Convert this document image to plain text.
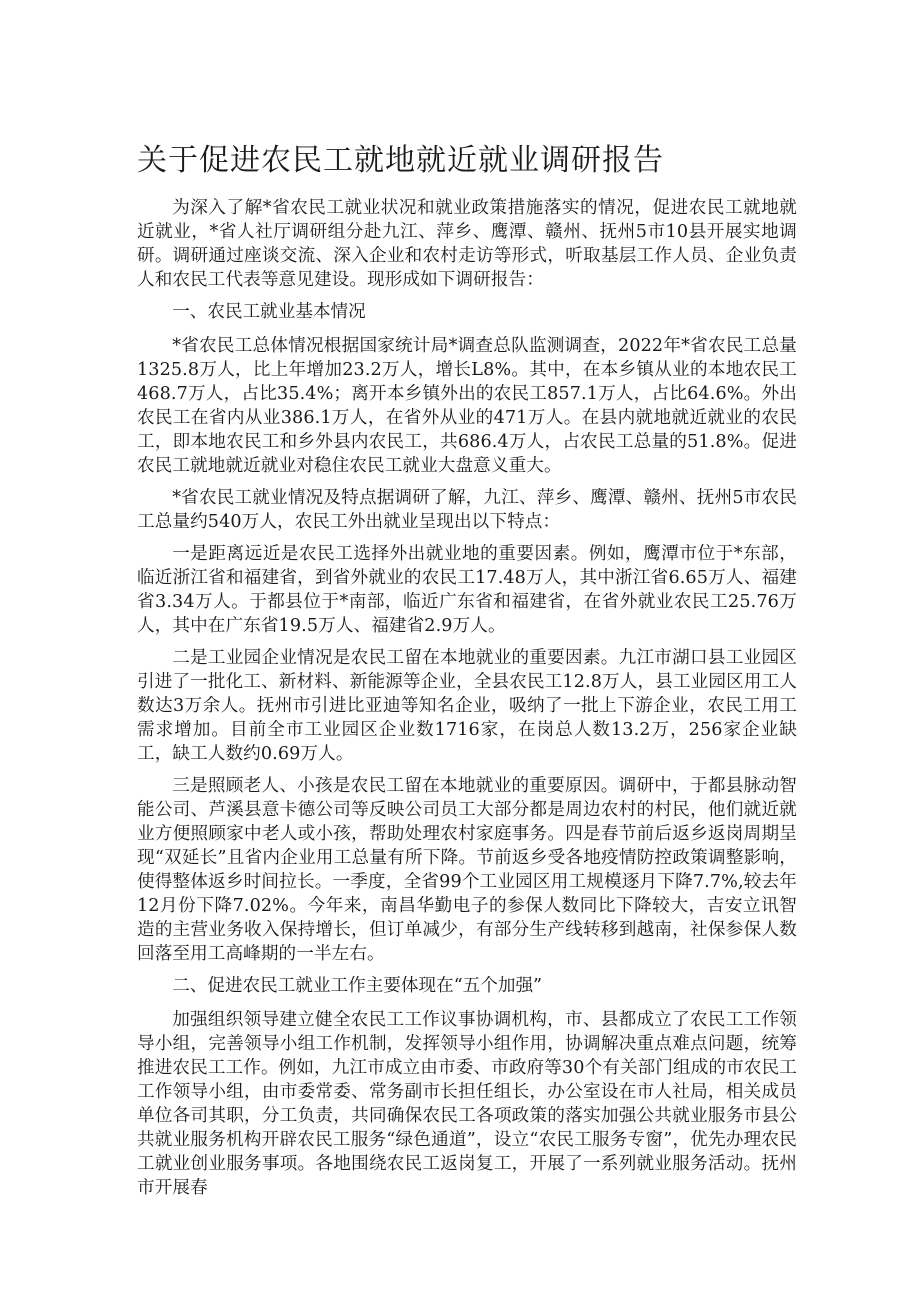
关于促进农民工就地就近就业调研报告

为深入了解*省农民工就业状况和就业政策措施落实的情况，促进农民工就地就近就业，*省人社厅调研组分赴九江、萍乡、鹰潭、赣州、抚州5市10县开展实地调研。调研通过座谈交流、深入企业和农村走访等形式，听取基层工作人员、企业负责人和农民工代表等意见建设。现形成如下调研报告：

一、农民工就业基本情况

*省农民工总体情况根据国家统计局*调查总队监测调查，2022年*省农民工总量1325.8万人，比上年增加23.2万人，增长L8%。其中，在本乡镇从业的本地农民工468.7万人，占比35.4%；离开本乡镇外出的农民工857.1万人，占比64.6%。外出农民工在省内从业386.1万人，在省外从业的471万人。在县内就地就近就业的农民工，即本地农民工和乡外县内农民工，共686.4万人，占农民工总量的51.8%。促进农民工就地就近就业对稳住农民工就业大盘意义重大。

*省农民工就业情况及特点据调研了解，九江、萍乡、鹰潭、赣州、抚州5市农民工总量约540万人，农民工外出就业呈现出以下特点：

一是距离远近是农民工选择外出就业地的重要因素。例如，鹰潭市位于*东部，临近浙江省和福建省，到省外就业的农民工17.48万人，其中浙江省6.65万人、福建省3.34万人。于都县位于*南部，临近广东省和福建省，在省外就业农民工25.76万人，其中在广东省19.5万人、福建省2.9万人。

二是工业园企业情况是农民工留在本地就业的重要因素。九江市湖口县工业园区引进了一批化工、新材料、新能源等企业，全县农民工12.8万人，县工业园区用工人数达3万余人。抚州市引进比亚迪等知名企业，吸纳了一批上下游企业，农民工用工需求增加。目前全市工业园区企业数1716家，在岗总人数13.2万，256家企业缺工，缺工人数约0.69万人。

三是照顾老人、小孩是农民工留在本地就业的重要原因。调研中，于都县脉动智能公司、芦溪县意卡德公司等反映公司员工大部分都是周边农村的村民，他们就近就业方便照顾家中老人或小孩，帮助处理农村家庭事务。四是春节前后返乡返岗周期呈现“双延长”且省内企业用工总量有所下降。节前返乡受各地疫情防控政策调整影响，使得整体返乡时间拉长。一季度，全省99个工业园区用工规模逐月下降7.7%,较去年12月份下降7.02%。今年来，南昌华勤电子的参保人数同比下降较大，吉安立讯智造的主营业务收入保持增长，但订单减少，有部分生产线转移到越南，社保参保人数回落至用工高峰期的一半左右。

二、促进农民工就业工作主要体现在“五个加强”

加强组织领导建立健全农民工工作议事协调机构，市、县都成立了农民工工作领导小组，完善领导小组工作机制，发挥领导小组作用，协调解决重点难点问题，统筹推进农民工工作。例如，九江市成立由市委、市政府等30个有关部门组成的市农民工工作领导小组，由市委常委、常务副市长担任组长，办公室设在市人社局，相关成员单位各司其职，分工负责，共同确保农民工各项政策的落实加强公共就业服务市县公共就业服务机构开辟农民工服务“绿色通道”，设立“农民工服务专窗”，优先办理农民工就业创业服务事项。各地围绕农民工返岗复工，开展了一系列就业服务活动。抚州市开展春
